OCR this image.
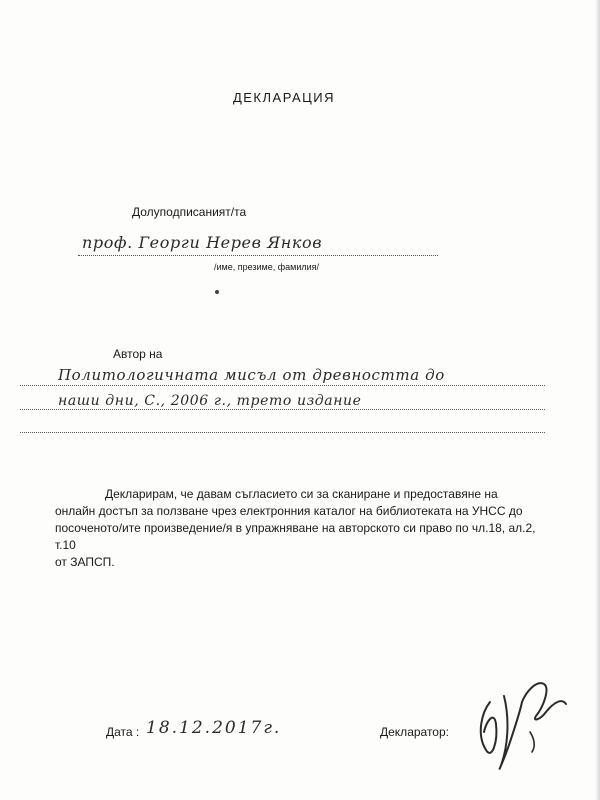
ДЕКЛАРАЦИЯ
Долуподписаният/та
проф. Георги Нерев Янков
/име, презиме, фамилия/
Автор на
Политологичната мисъл от древността до
наши дни, С., 2006 г., трето издание
Декларирам, че давам съгласието си за сканиране и предоставяне на
онлайн достъп за ползване чрез електронния каталог на библиотеката на УНСС до
посоченото/ите произведение/я в упражняване на авторското си право по чл.18, ал.2, т.10
от ЗАПСП.
Дата : 18.12.2017г.	Декларатор:
